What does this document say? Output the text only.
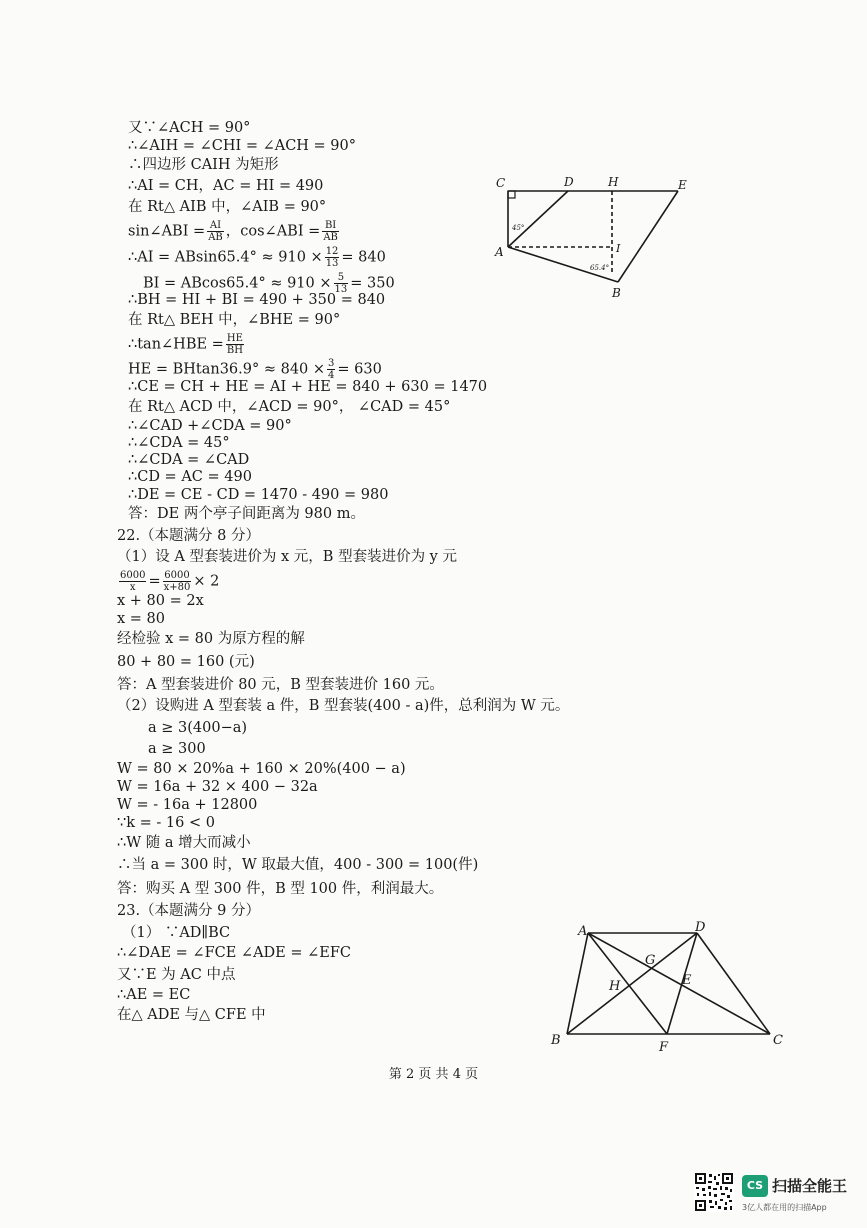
又∵∠ACH = 90°
∴∠AIH = ∠CHI = ∠ACH = 90°
∴四边形 CAIH 为矩形
∴AI = CH，AC = HI = 490
在 Rt△ AIB 中，∠AIB = 90°
sin∠ABI = $\frac{AI}{AB}$ ，cos∠ABI = $\frac{BI}{AB}$
∴AI = $ABsin65.4^\circ \approx 910 \times \frac{12}{13} = 840$
BI = $ABcos65.4^\circ \approx 910 \times \frac{5}{13} = 350$
∴BH = HI + BI = 490 + 350 = 840
在 Rt△ BEH 中，∠BHE = 90°
∴tan∠HBE = $\frac{HE}{BH}$
HE = $BHtan36.9^\circ \approx 840 \times \frac{3}{4} = 630$
∴CE = CH + HE = AI + HE = 840 + 630 = 1470
在 Rt△ ACD 中，∠ACD = 90°， ∠CAD = 45°
∴∠CAD +∠CDA = 90°
∴∠CDA = 45°
∴∠CDA = ∠CAD
∴CD = AC = 490
∴DE = CE - CD = 1470 - 490 = 980
答：DE 两个亭子间距离为 980 m。
22.（本题满分 8 分）
（1）设 A 型套装进价为 x 元，B 型套装进价为 y 元
$\frac{6000}{x} = \frac{6000}{x+80} \times 2$
x + 80 = 2x
x = 80
经检验 x = 80 为原方程的解
80 + 80 = 160 (元)
答：A 型套装进价 80 元，B 型套装进价 160 元。
（2）设购进 A 型套装 a 件，B 型套装(400 - a)件，总利润为 W 元。
a ≥ 3(400−a)
a ≥ 300
W = 80 × 20%a + 160 × 20%(400 − a)
W = 16a + 32 × 400 − 32a
W = - 16a + 12800
∵k = - 16 < 0
∴W 随 a 增大而减小
∴当 a = 300 时，W 取最大值，400 - 300 = 100(件)
答：购买 A 型 300 件，B 型 100 件，利润最大。
23.（本题满分 9 分）
（1） ∵AD∥BC
∴∠DAE = ∠FCE ∠ADE = ∠EFC
又∵E 为 AC 中点
∴AE = EC
在△ ADE 与△ CFE 中
C	D	H	E
A	I
B
45°
65.4°
A	D
G
H	E
B	F	C
第 2 页 共 4 页
CS 扫描全能王
3亿人都在用的扫描App
